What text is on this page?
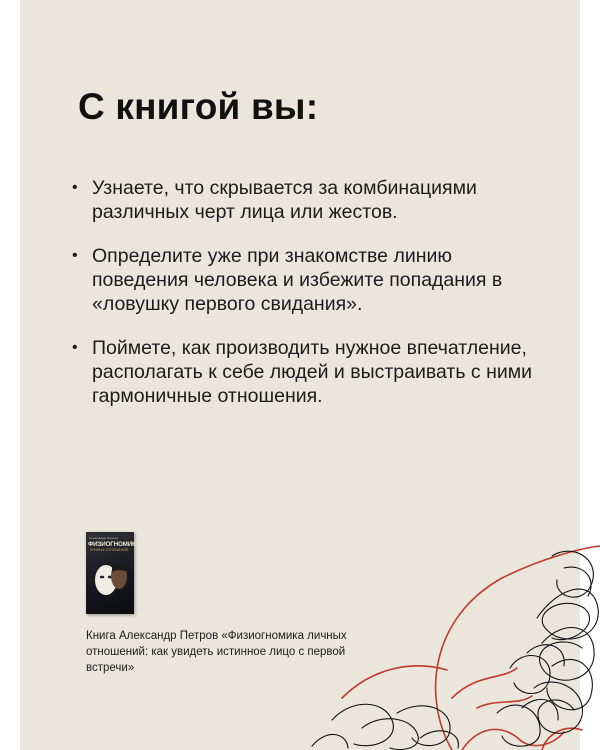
С книгой вы:
• Узнаете, что скрывается за комбинациями различных черт лица или жестов.
• Определите уже при знакомстве линию поведения человека и избежите попадания в «ловушку первого свидания».
• Поймете, как производить нужное впечатление, располагать к себе людей и выстраивать с ними гармоничные отношения.
Александр Петров
ФИЗИОГНОМИКА
ЛИЧНЫХ ОТНОШЕНИЙ

Книга Александр Петров «Физиогномика личных отношений: как увидеть истинное лицо с первой встречи»
